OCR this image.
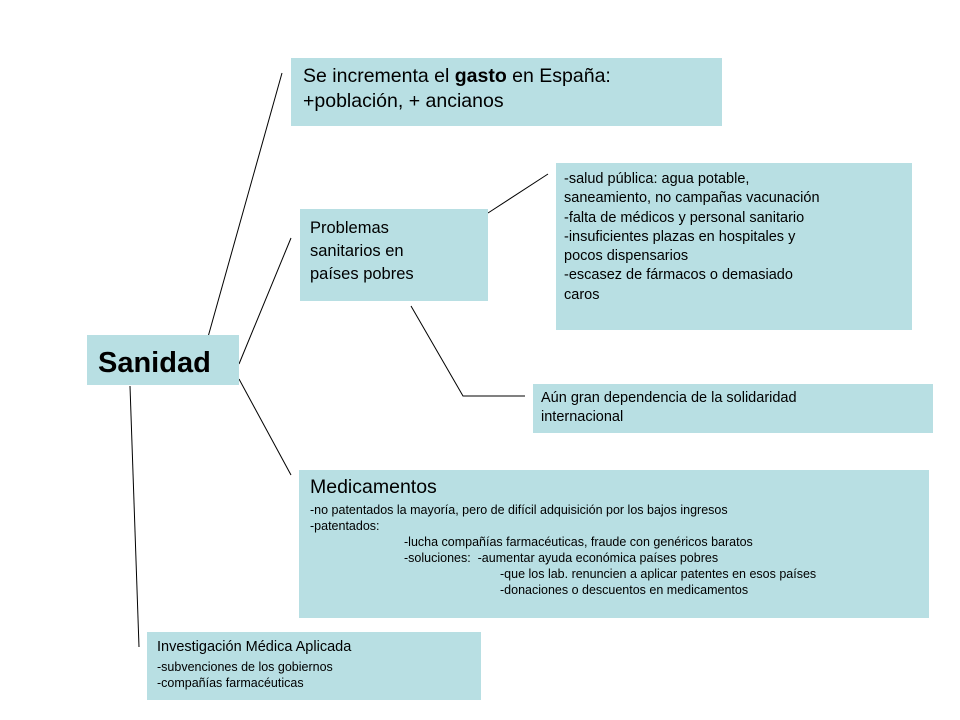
Sanidad
Se incrementa el gasto en España:
+población, + ancianos
Problemas
sanitarios en
países pobres
-salud pública: agua potable,
saneamiento, no campañas vacunación
-falta de médicos y personal sanitario
-insuficientes plazas en hospitales y
pocos dispensarios
-escasez de fármacos o demasiado
caros
Aún gran dependencia de la solidaridad
internacional
Medicamentos
-no patentados la mayoría, pero de difícil adquisición por los bajos ingresos
-patentados:
-lucha compañías farmacéuticas, fraude con genéricos baratos
-soluciones:  -aumentar ayuda económica países pobres
-que los lab. renuncien a aplicar patentes en esos países
-donaciones o descuentos en medicamentos
Investigación Médica Aplicada
-subvenciones de los gobiernos
-compañías farmacéuticas
